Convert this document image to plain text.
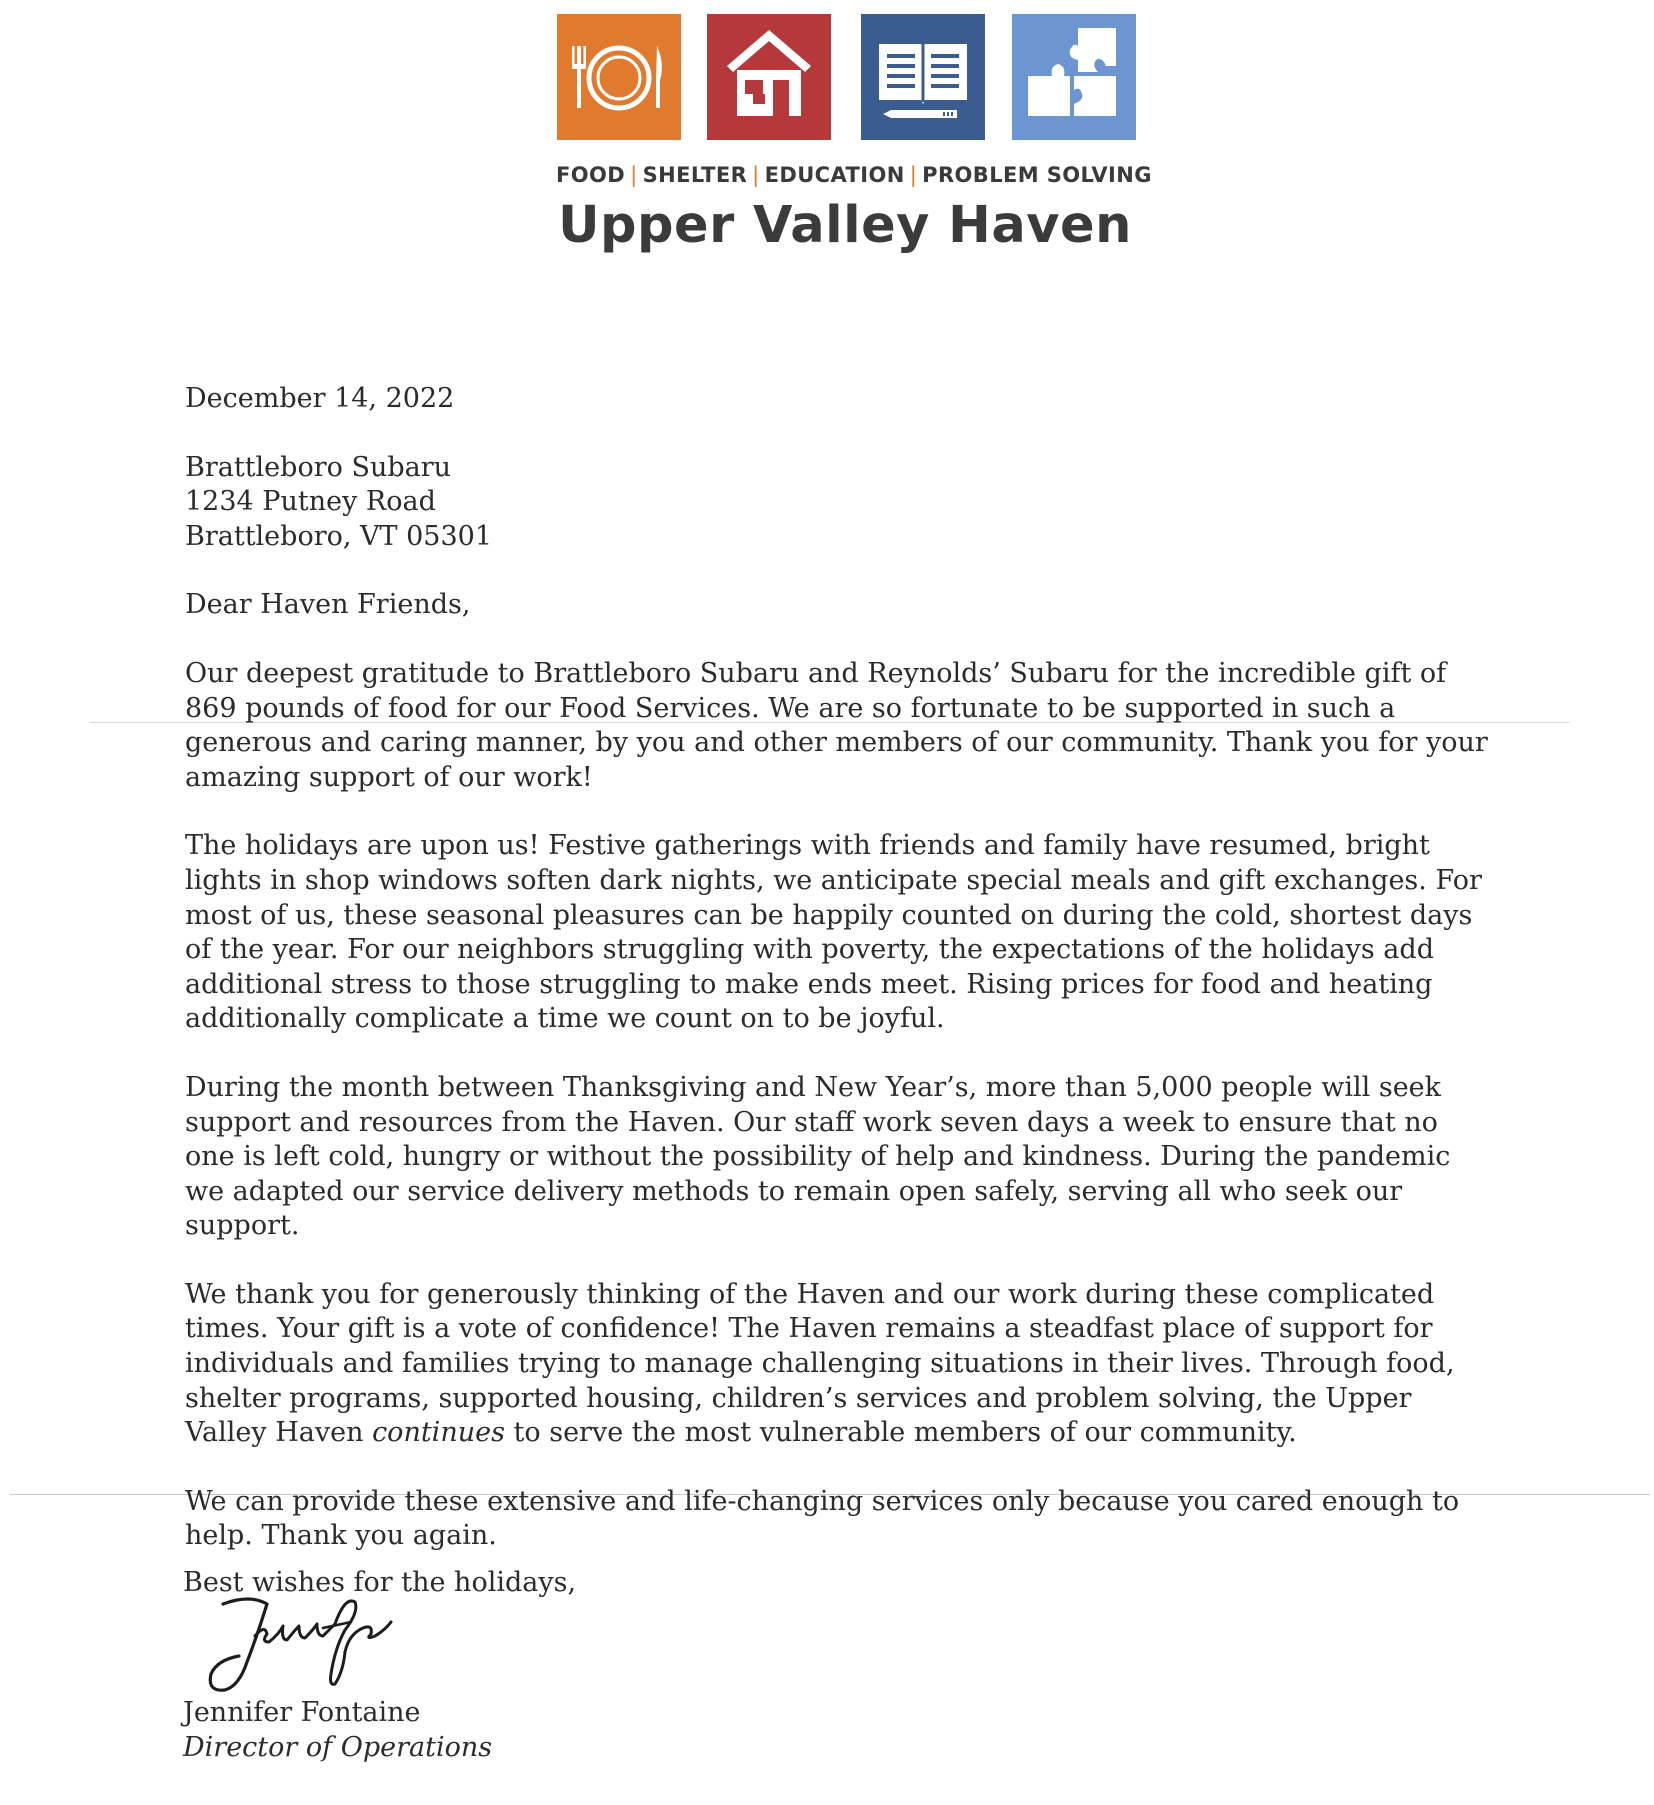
FOOD | SHELTER | EDUCATION | PROBLEM SOLVING
Upper Valley Haven

December 14, 2022

Brattleboro Subaru
1234 Putney Road
Brattleboro, VT 05301

Dear Haven Friends,

Our deepest gratitude to Brattleboro Subaru and Reynolds’ Subaru for the incredible gift of 869 pounds of food for our Food Services. We are so fortunate to be supported in such a generous and caring manner, by you and other members of our community. Thank you for your amazing support of our work!

The holidays are upon us! Festive gatherings with friends and family have resumed, bright lights in shop windows soften dark nights, we anticipate special meals and gift exchanges. For most of us, these seasonal pleasures can be happily counted on during the cold, shortest days of the year. For our neighbors struggling with poverty, the expectations of the holidays add additional stress to those struggling to make ends meet. Rising prices for food and heating additionally complicate a time we count on to be joyful.

During the month between Thanksgiving and New Year’s, more than 5,000 people will seek support and resources from the Haven. Our staff work seven days a week to ensure that no one is left cold, hungry or without the possibility of help and kindness. During the pandemic we adapted our service delivery methods to remain open safely, serving all who seek our support.

We thank you for generously thinking of the Haven and our work during these complicated times. Your gift is a vote of confidence! The Haven remains a steadfast place of support for individuals and families trying to manage challenging situations in their lives. Through food, shelter programs, supported housing, children’s services and problem solving, the Upper Valley Haven continues to serve the most vulnerable members of our community.

We can provide these extensive and life-changing services only because you cared enough to help. Thank you again.

Best wishes for the holidays,
Jennifer Fontaine
Director of Operations
